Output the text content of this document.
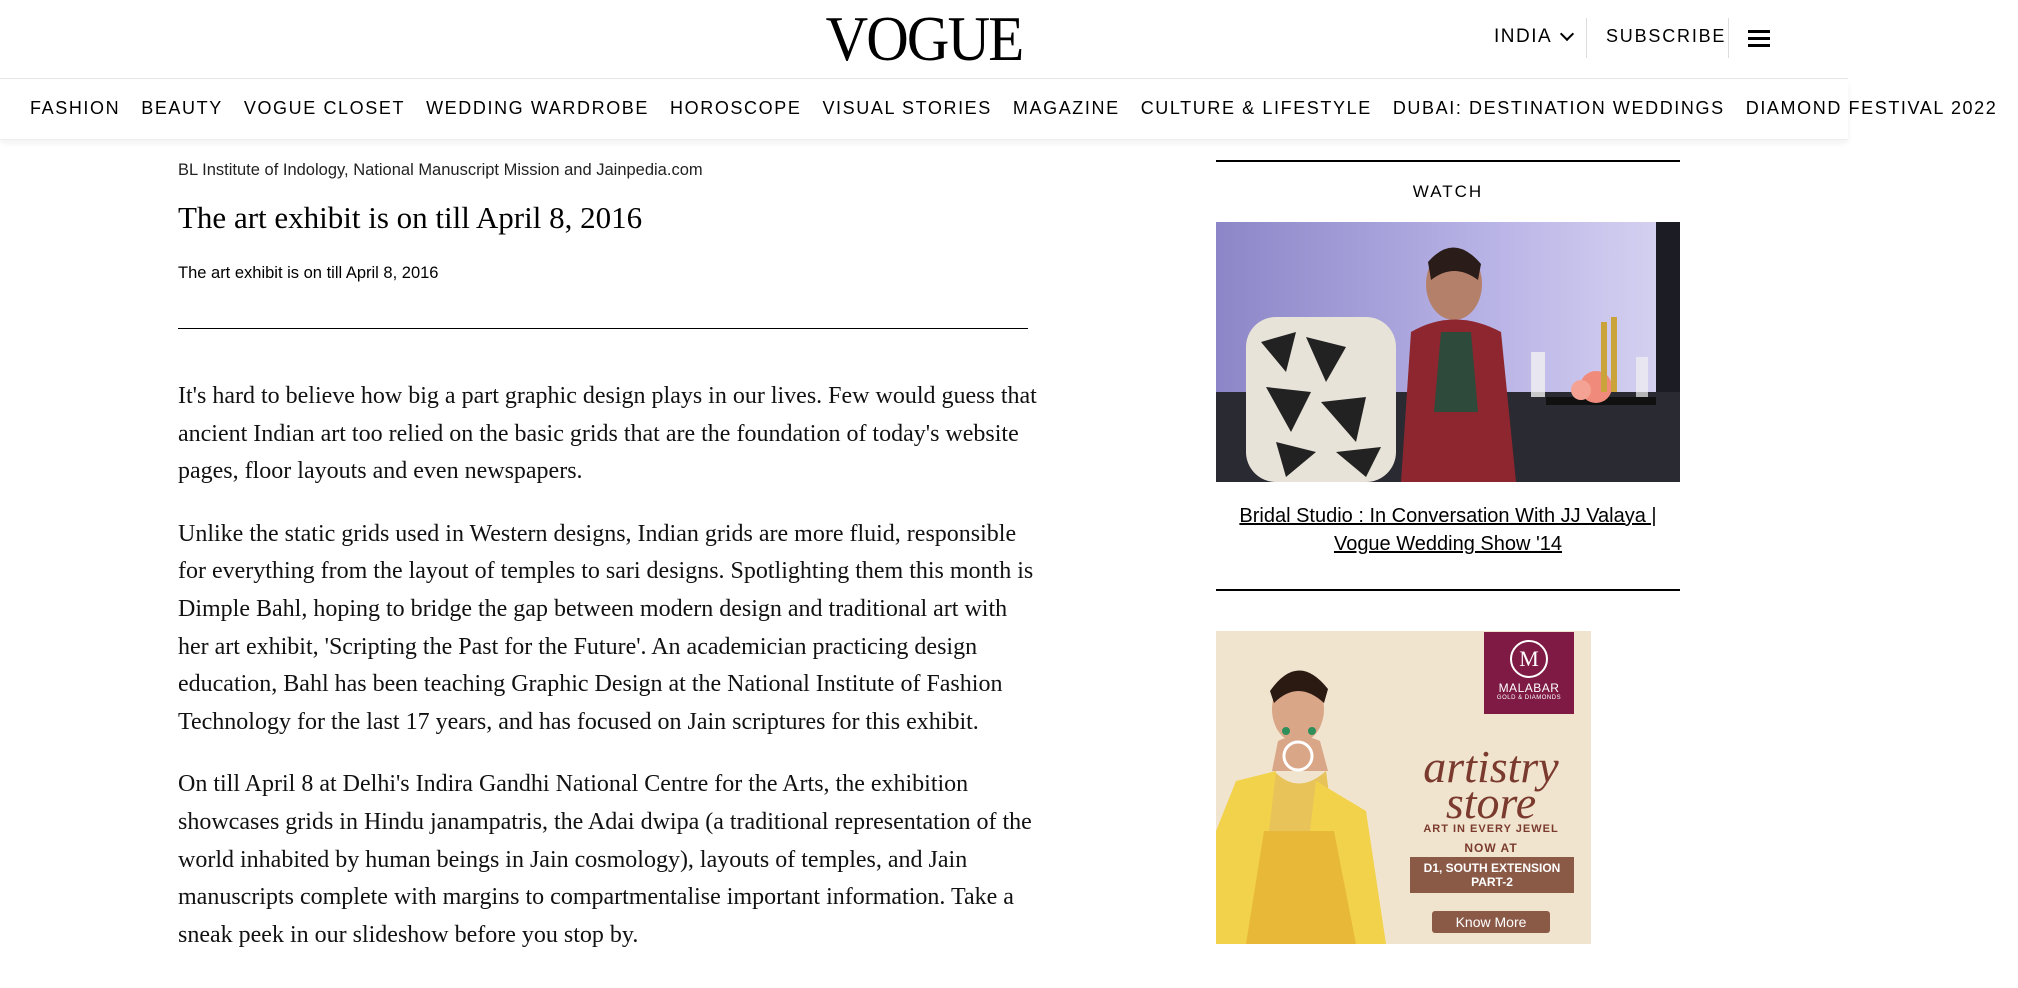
VOGUE	INDIA	SUBSCRIBE
FASHION BEAUTY VOGUE CLOSET WEDDING WARDROBE HOROSCOPE VISUAL STORIES MAGAZINE CULTURE & LIFESTYLE DUBAI: DESTINATION WEDDINGS DIAMOND FESTIVAL 2022
BL Institute of Indology, National Manuscript Mission and Jainpedia.com
The art exhibit is on till April 8, 2016
The art exhibit is on till April 8, 2016

It's hard to believe how big a part graphic design plays in our lives. Few would guess that ancient Indian art too relied on the basic grids that are the foundation of today's website pages, floor layouts and even newspapers.

Unlike the static grids used in Western designs, Indian grids are more fluid, responsible for everything from the layout of temples to sari designs. Spotlighting them this month is Dimple Bahl, hoping to bridge the gap between modern design and traditional art with her art exhibit, 'Scripting the Past for the Future'. An academician practicing design education, Bahl has been teaching Graphic Design at the National Institute of Fashion Technology for the last 17 years, and has focused on Jain scriptures for this exhibit.

On till April 8 at Delhi's Indira Gandhi National Centre for the Arts, the exhibition showcases grids in Hindu janampatris, the Adai dwipa (a traditional representation of the world inhabited by human beings in Jain cosmology), layouts of temples, and Jain manuscripts complete with margins to compartmentalise important information. Take a sneak peek in our slideshow before you stop by.

WATCH
Bridal Studio : In Conversation With JJ Valaya | Vogue Wedding Show '14
M
MALABAR
GOLD & DIAMONDS
artistry
store
ART IN EVERY JEWEL
NOW AT
D1, SOUTH EXTENSION PART-2
Know More
